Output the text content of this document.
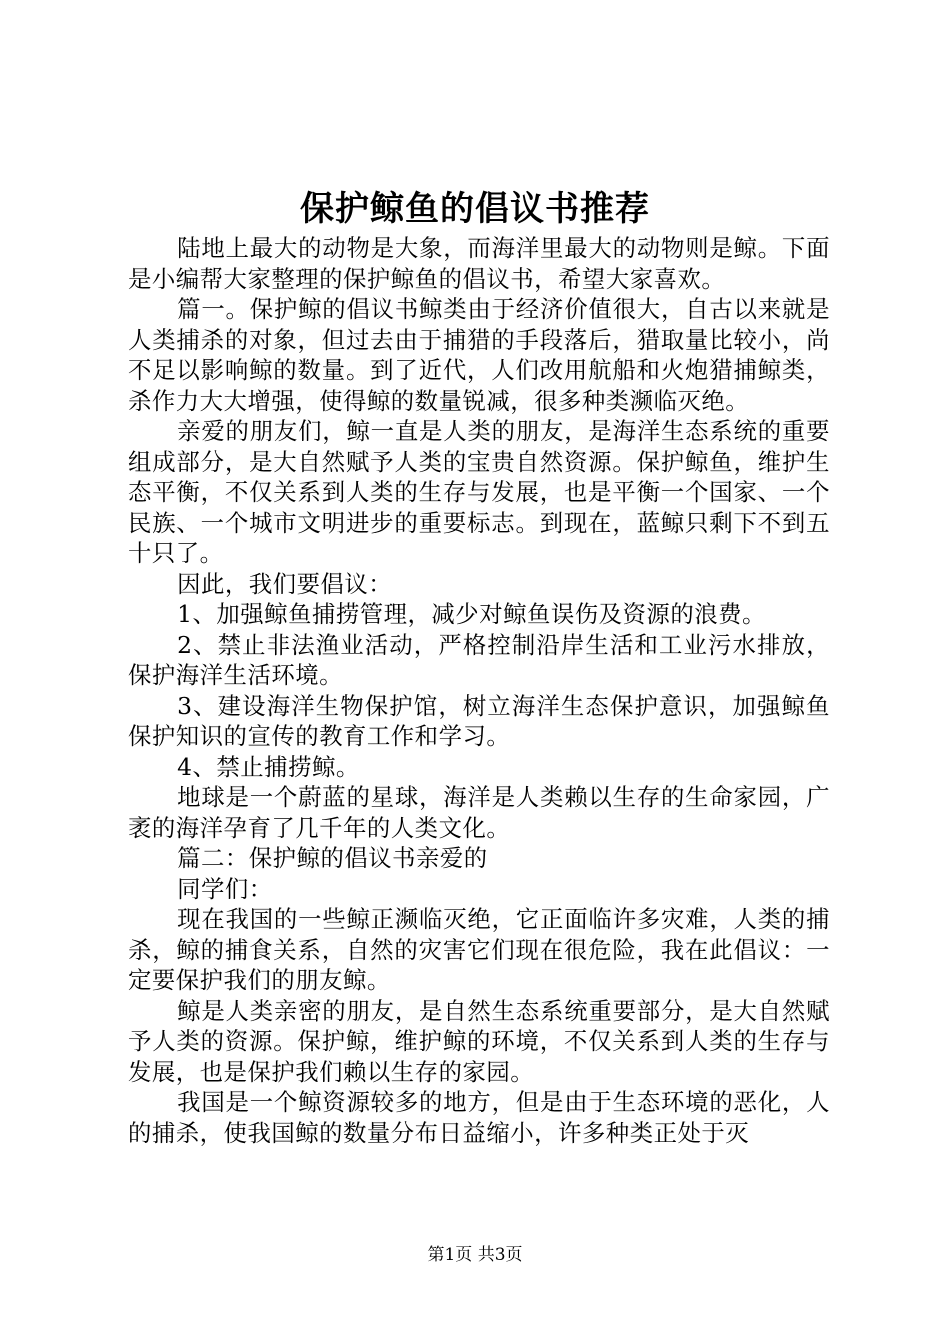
保护鲸鱼的倡议书推荐

陆地上最大的动物是大象，而海洋里最大的动物则是鲸。下面是小编帮大家整理的保护鲸鱼的倡议书，希望大家喜欢。

篇一。保护鲸的倡议书鲸类由于经济价值很大，自古以来就是人类捕杀的对象，但过去由于捕猎的手段落后，猎取量比较小，尚不足以影响鲸的数量。到了近代，人们改用航船和火炮猎捕鲸类，杀作力大大增强，使得鲸的数量锐减，很多种类濒临灭绝。

亲爱的朋友们，鲸一直是人类的朋友，是海洋生态系统的重要组成部分，是大自然赋予人类的宝贵自然资源。保护鲸鱼，维护生态平衡，不仅关系到人类的生存与发展，也是平衡一个国家、一个民族、一个城市文明进步的重要标志。到现在，蓝鲸只剩下不到五十只了。

因此，我们要倡议：

1、加强鲸鱼捕捞管理，减少对鲸鱼误伤及资源的浪费。

2、禁止非法渔业活动，严格控制沿岸生活和工业污水排放，保护海洋生活环境。

3、建设海洋生物保护馆，树立海洋生态保护意识，加强鲸鱼保护知识的宣传的教育工作和学习。

4、禁止捕捞鲸。

地球是一个蔚蓝的星球，海洋是人类赖以生存的生命家园，广袤的海洋孕育了几千年的人类文化。

篇二：保护鲸的倡议书亲爱的

同学们：

现在我国的一些鲸正濒临灭绝，它正面临许多灾难，人类的捕杀，鲸的捕食关系，自然的灾害它们现在很危险，我在此倡议：一定要保护我们的朋友鲸。

鲸是人类亲密的朋友，是自然生态系统重要部分，是大自然赋予人类的资源。保护鲸，维护鲸的环境，不仅关系到人类的生存与发展，也是保护我们赖以生存的家园。

我国是一个鲸资源较多的地方，但是由于生态环境的恶化，人的捕杀，使我国鲸的数量分布日益缩小，许多种类正处于灭

第1页 共3页
